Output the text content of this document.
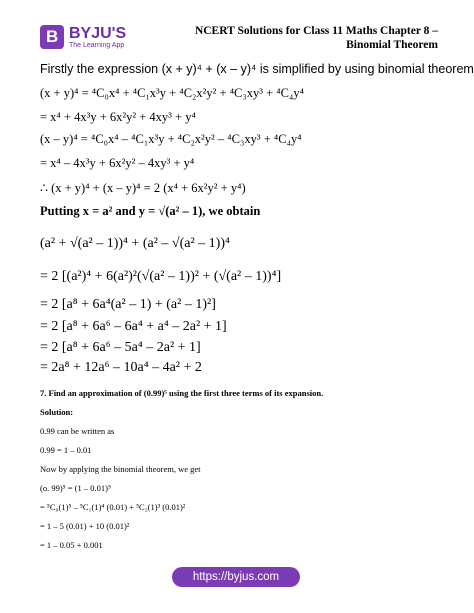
B BYJU'S
The Learning App
NCERT Solutions for Class 11 Maths Chapter 8 –
Binomial Theorem
Firstly the expression (x + y)⁴ + (x – y)⁴ is simplified by using binomial theorem
(x + y)⁴ = ⁴C₀x⁴ + ⁴C₁x³y + ⁴C₂x²y² + ⁴C₃xy³ + ⁴C₄y⁴
= x⁴ + 4x³y + 6x²y² + 4xy³ + y⁴
(x – y)⁴ = ⁴C₀x⁴ – ⁴C₁x³y + ⁴C₂x²y² – ⁴C₃xy³ + ⁴C₄y⁴
= x⁴ – 4x³y + 6x²y² – 4xy³ + y⁴
∴ (x + y)⁴ + (x – y)⁴ = 2 (x⁴ + 6x²y² + y⁴)
Putting x = a² and y = √(a² – 1), we obtain
(a² + √(a² – 1))⁴ + (a² – √(a² – 1))⁴
= 2 [(a²)⁴ + 6(a²)²(√(a² – 1))² + (√(a² – 1))⁴]
= 2 [a⁸ + 6a⁴(a² – 1) + (a² – 1)²]
= 2 [a⁸ + 6a⁶ – 6a⁴ + a⁴ – 2a² + 1]
= 2 [a⁸ + 6a⁶ – 5a⁴ – 2a² + 1]
= 2a⁸ + 12a⁶ – 10a⁴ – 4a² + 2
7. Find an approximation of (0.99)⁵ using the first three terms of its expansion.
Solution:
0.99 can be written as
0.99 = 1 – 0.01
Now by applying the binomial theorem, we get
(o. 99)⁵ = (1 – 0.01)⁵
= ⁵C₀(1)⁵ – ⁵C₁(1)⁴ (0.01) + ⁵C₂(1)³ (0.01)²
= 1 – 5 (0.01) + 10 (0.01)²
= 1 – 0.05 + 0.001
https://byjus.com
